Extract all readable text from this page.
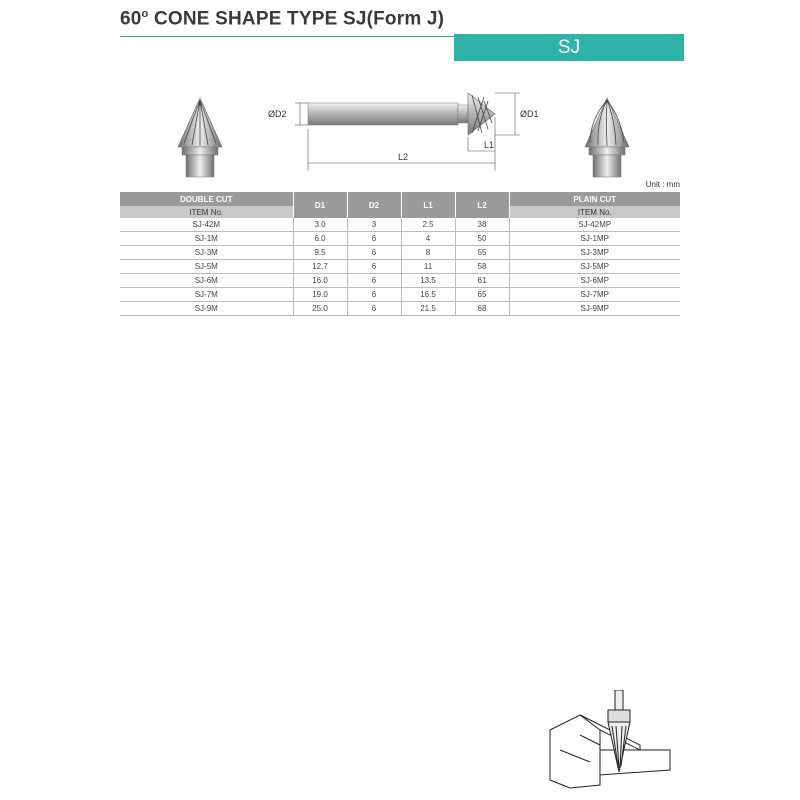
60$^o$ CONE SHAPE TYPE SJ(Form J)
SJ
ØD2	ØD1
L1
L2
Unit : mm
DOUBLE CUT	D1	D2	L1	L2	PLAIN CUT
ITEM No.					ITEM No.
SJ-42M	3.0	3	2.5	38	SJ-42MP
SJ-1M	6.0	6	4	50	SJ-1MP
SJ-3M	9.5	6	8	55	SJ-3MP
SJ-5M	12.7	6	11	58	SJ-5MP
SJ-6M	16.0	6	13.5	61	SJ-6MP
SJ-7M	19.0	6	16.5	65	SJ-7MP
SJ-9M	25.0	6	21.5	68	SJ-9MP
